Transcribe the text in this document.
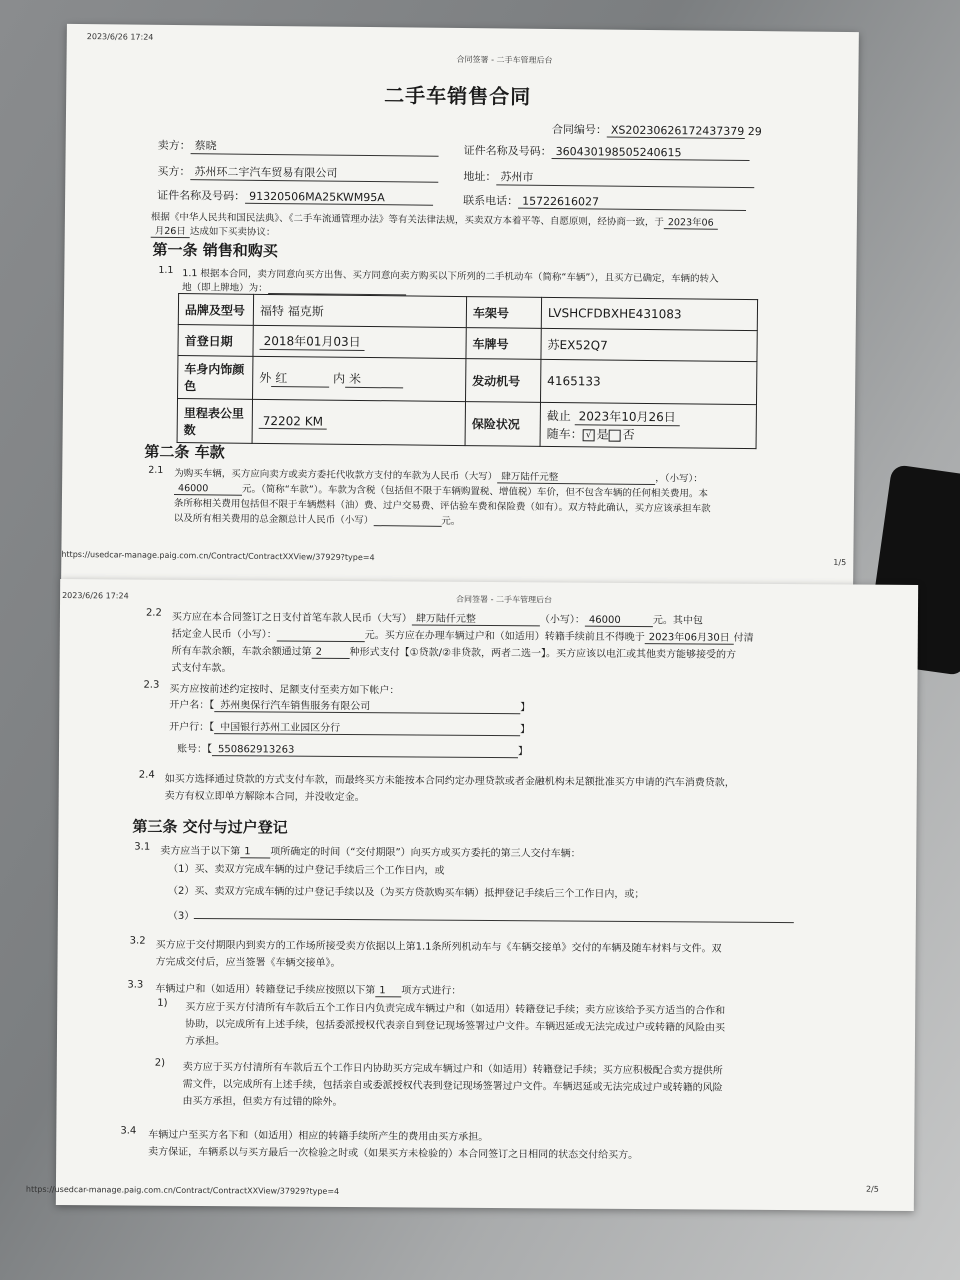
2023/6/26 17:24
合同签署 - 二手车管理后台
二手车销售合同
合同编号： XS20230626172437379 29
卖方： 蔡晓	证件名称及号码： 360430198505240615
买方： 苏州环二宇汽车贸易有限公司	地址： 苏州市
证件名称及号码： 91320506MA25KWM95A	联系电话： 15722616027
根据《中华人民共和国民法典》、《二手车流通管理办法》等有关法律法规，买卖双方本着平等、自愿原则，经协商一致，于 2023年06
月26日 达成如下买卖协议：
第一条 销售和购买
1.1 1.1 根据本合同，卖方同意向买方出售、买方同意向卖方购买以下所列的二手机动车（简称“车辆”），且买方已确定，车辆的转入
地（即上牌地）为：
品牌及型号	福特 福克斯	车架号	LVSHCFDBXHE431083
首登日期	2018年01月03日	车牌号	苏EX52Q7
车身内饰颜色	外 红 内 米	发动机号	4165133
里程表公里数	72202 KM	保险状况	截止 2023年10月26日
随车： √ 是 否
第二条 车款
2.1 为购买车辆，买方应向卖方或卖方委托代收款方支付的车款为人民币（大写） 肆万陆仟元整	，（小写）：
46000	元。（简称“车款”）。车款为含税（包括但不限于车辆购置税、增值税）车价，但不包含车辆的任何相关费用。本
条所称相关费用包括但不限于车辆燃料（油）费、过户交易费、评估验车费和保险费（如有）。双方特此确认，买方应该承担车款
以及所有相关费用的总金额总计人民币（小写）	元。
https://usedcar-manage.paig.com.cn/Contract/ContractXXView/37929?type=4
1/5
2023/6/26 17:24	合同签署 - 二手车管理后台
2.2 买方应在本合同签订之日支付首笔车款人民币（大写） 肆万陆仟元整	（小写）： 46000	元。其中包
括定金人民币（小写）：	元。买方应在办理车辆过户和（如适用）转籍手续前且不得晚于 2023年06月30日 付清
所有车款余额，车款余额通过第 2	种形式支付【①贷款/②非贷款，两者二选一】。买方应该以电汇或其他卖方能够接受的方
式支付车款。
2.3 买方应按前述约定按时、足额支付至卖方如下帐户：
开户名：【 苏州奥保行汽车销售服务有限公司	】
开户行：【 中国银行苏州工业园区分行	】
账号：【 550862913263	】
2.4 如买方选择通过贷款的方式支付车款，而最终买方未能按本合同约定办理贷款或者金融机构未足额批准买方申请的汽车消费贷款，
卖方有权立即单方解除本合同，并没收定金。
第三条 交付与过户登记
3.1 卖方应当于以下第 1 项所确定的时间（“交付期限”）向买方或买方委托的第三人交付车辆：
（1）买、卖双方完成车辆的过户登记手续后三个工作日内，或
（2）买、卖双方完成车辆的过户登记手续以及（为买方贷款购买车辆）抵押登记手续后三个工作日内，或；
（3）
3.2 买方应于交付期限内到卖方的工作场所接受卖方依据以上第1.1条所列机动车与《车辆交接单》交付的车辆及随车材料与文件。双
方完成交付后，应当签署《车辆交接单》。
3.3 车辆过户和（如适用）转籍登记手续应按照以下第 1 项方式进行：
1) 买方应于买方付清所有车款后五个工作日内负责完成车辆过户和（如适用）转籍登记手续；卖方应该给予买方适当的合作和
协助，以完成所有上述手续，包括委派授权代表亲自到登记现场签署过户文件。车辆迟延或无法完成过户或转籍的风险由买
方承担。
2) 卖方应于买方付清所有车款后五个工作日内协助买方完成车辆过户和（如适用）转籍登记手续；买方应积极配合卖方提供所
需文件，以完成所有上述手续，包括亲自或委派授权代表到登记现场签署过户文件。车辆迟延或无法完成过户或转籍的风险
由买方承担，但卖方有过错的除外。
3.4 车辆过户至买方名下和（如适用）相应的转籍手续所产生的费用由买方承担。
卖方保证，车辆系以与买方最后一次检验之时或（如果买方未检验的）本合同签订之日相同的状态交付给买方。
https://usedcar-manage.paig.com.cn/Contract/ContractXXView/37929?type=4	2/5
